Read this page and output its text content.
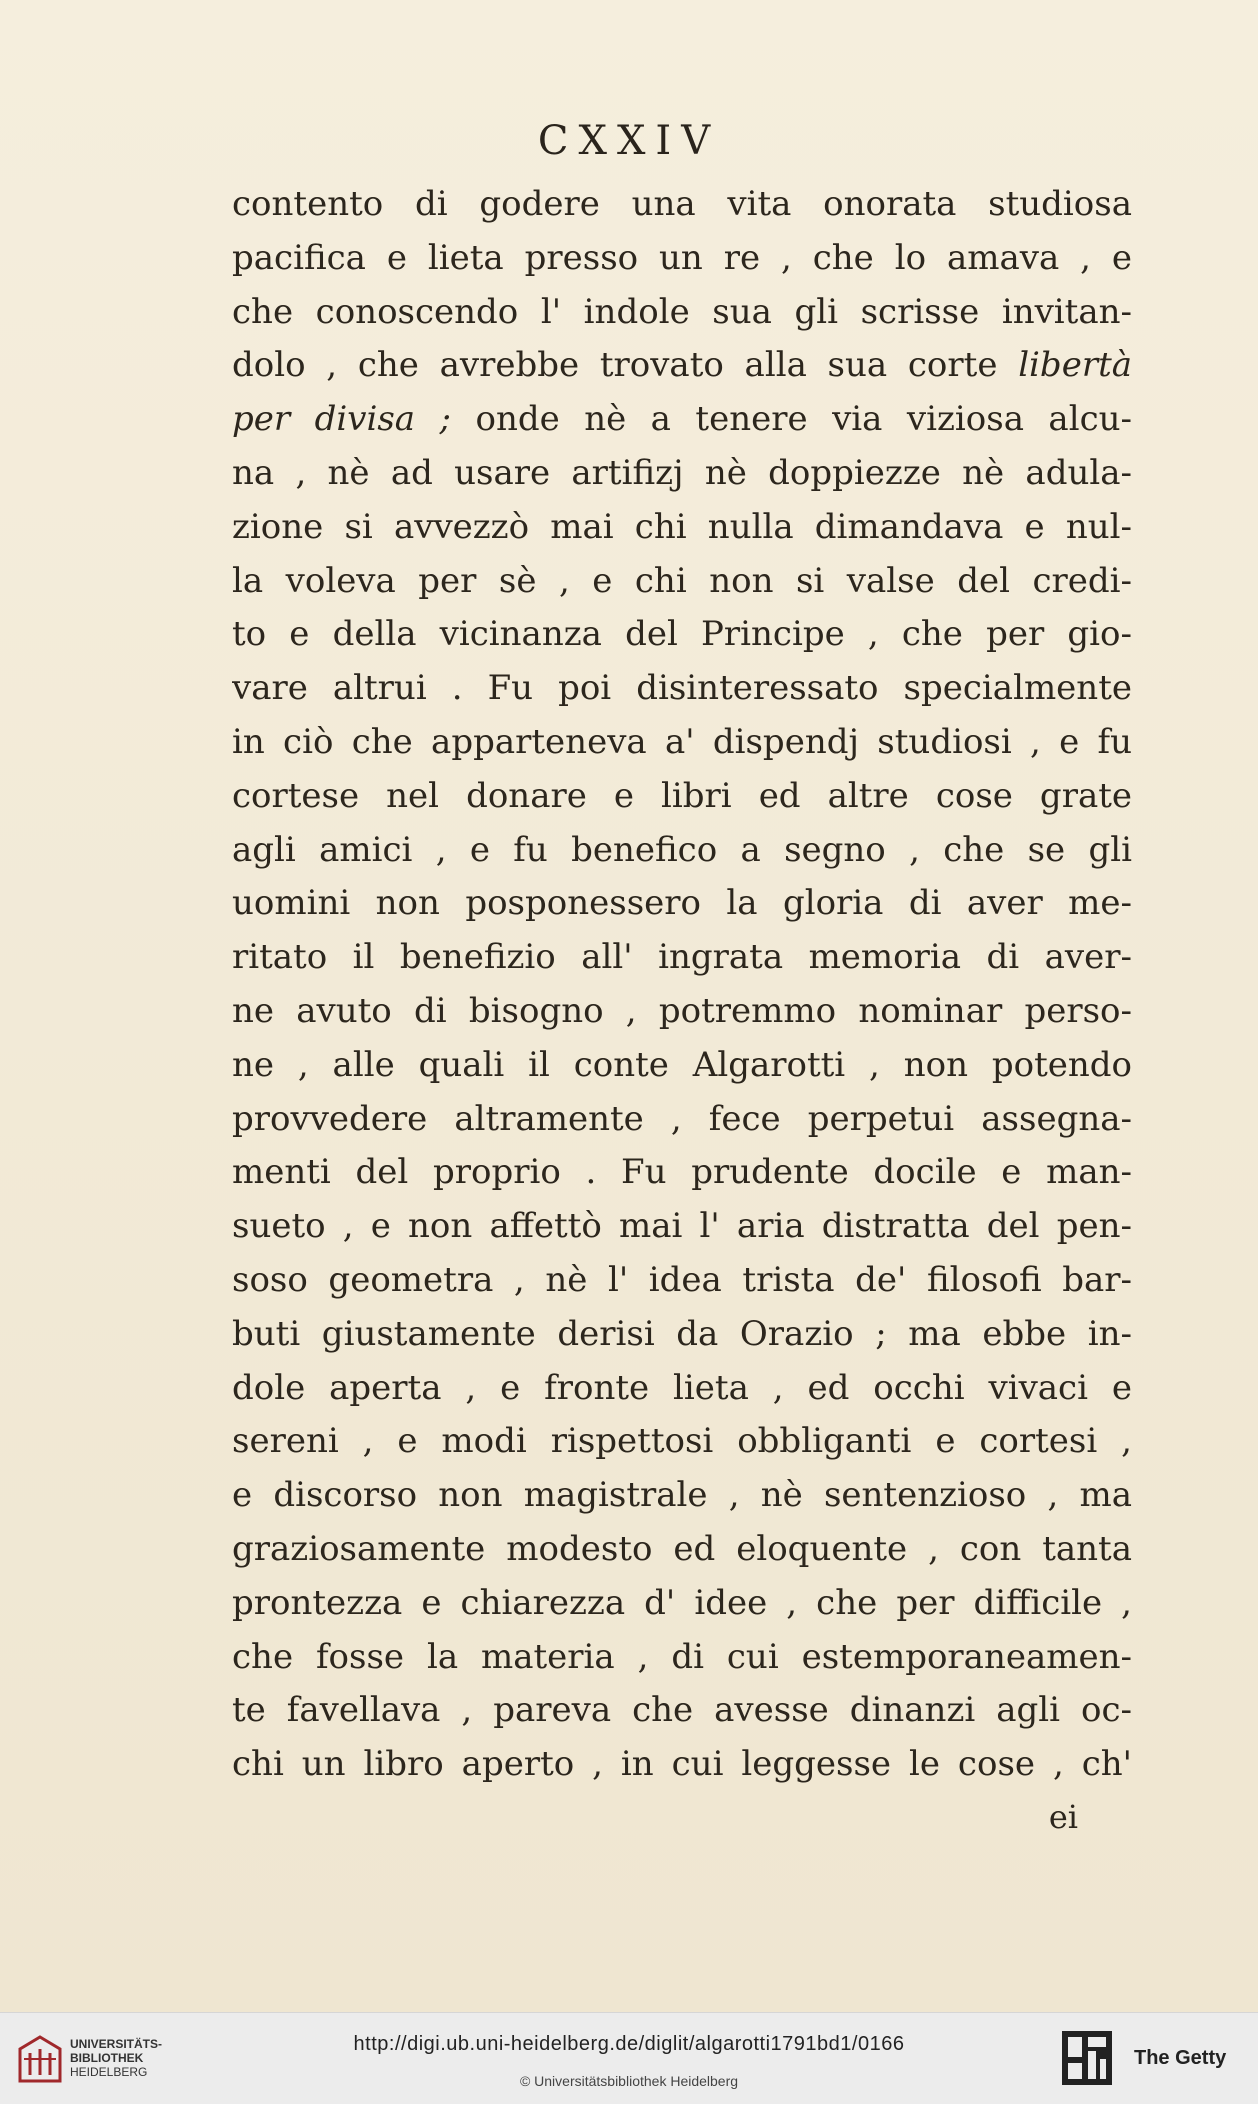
CXXIV
contento di godere una vita onorata studiosa
pacifica e lieta presso un re , che lo amava , e
che conoscendo l' indole sua gli scrisse invitan-
dolo , che avrebbe trovato alla sua corte libertà
per divisa ; onde nè a tenere via viziosa alcu-
na , nè ad usare artifizj nè doppiezze nè adula-
zione si avvezzò mai chi nulla dimandava e nul-
la voleva per sè , e chi non si valse del credi-
to e della vicinanza del Principe , che per gio-
vare altrui . Fu poi disinteressato specialmente
in ciò che apparteneva a' dispendj studiosi , e fu
cortese nel donare e libri ed altre cose grate
agli amici , e fu benefico a segno , che se gli
uomini non posponessero la gloria di aver me-
ritato il benefizio all' ingrata memoria di aver-
ne avuto di bisogno , potremmo nominar perso-
ne , alle quali il conte Algarotti , non potendo
provvedere altramente , fece perpetui assegna-
menti del proprio . Fu prudente docile e man-
sueto , e non affettò mai l' aria distratta del pen-
soso geometra , nè l' idea trista de' filosofi bar-
buti giustamente derisi da Orazio ; ma ebbe in-
dole aperta , e fronte lieta , ed occhi vivaci e
sereni , e modi rispettosi obbliganti e cortesi ,
e discorso non magistrale , nè sentenzioso , ma
graziosamente modesto ed eloquente , con tanta
prontezza e chiarezza d' idee , che per difficile ,
che fosse la materia , di cui estemporaneamen-
te favellava , pareva che avesse dinanzi agli oc-
chi un libro aperto , in cui leggesse le cose , ch'
ei
UNIVERSITÄTS-
BIBLIOTHEK
HEIDELBERG
http://digi.ub.uni-heidelberg.de/diglit/algarotti1791bd1/0166
© Universitätsbibliothek Heidelberg
The Getty
